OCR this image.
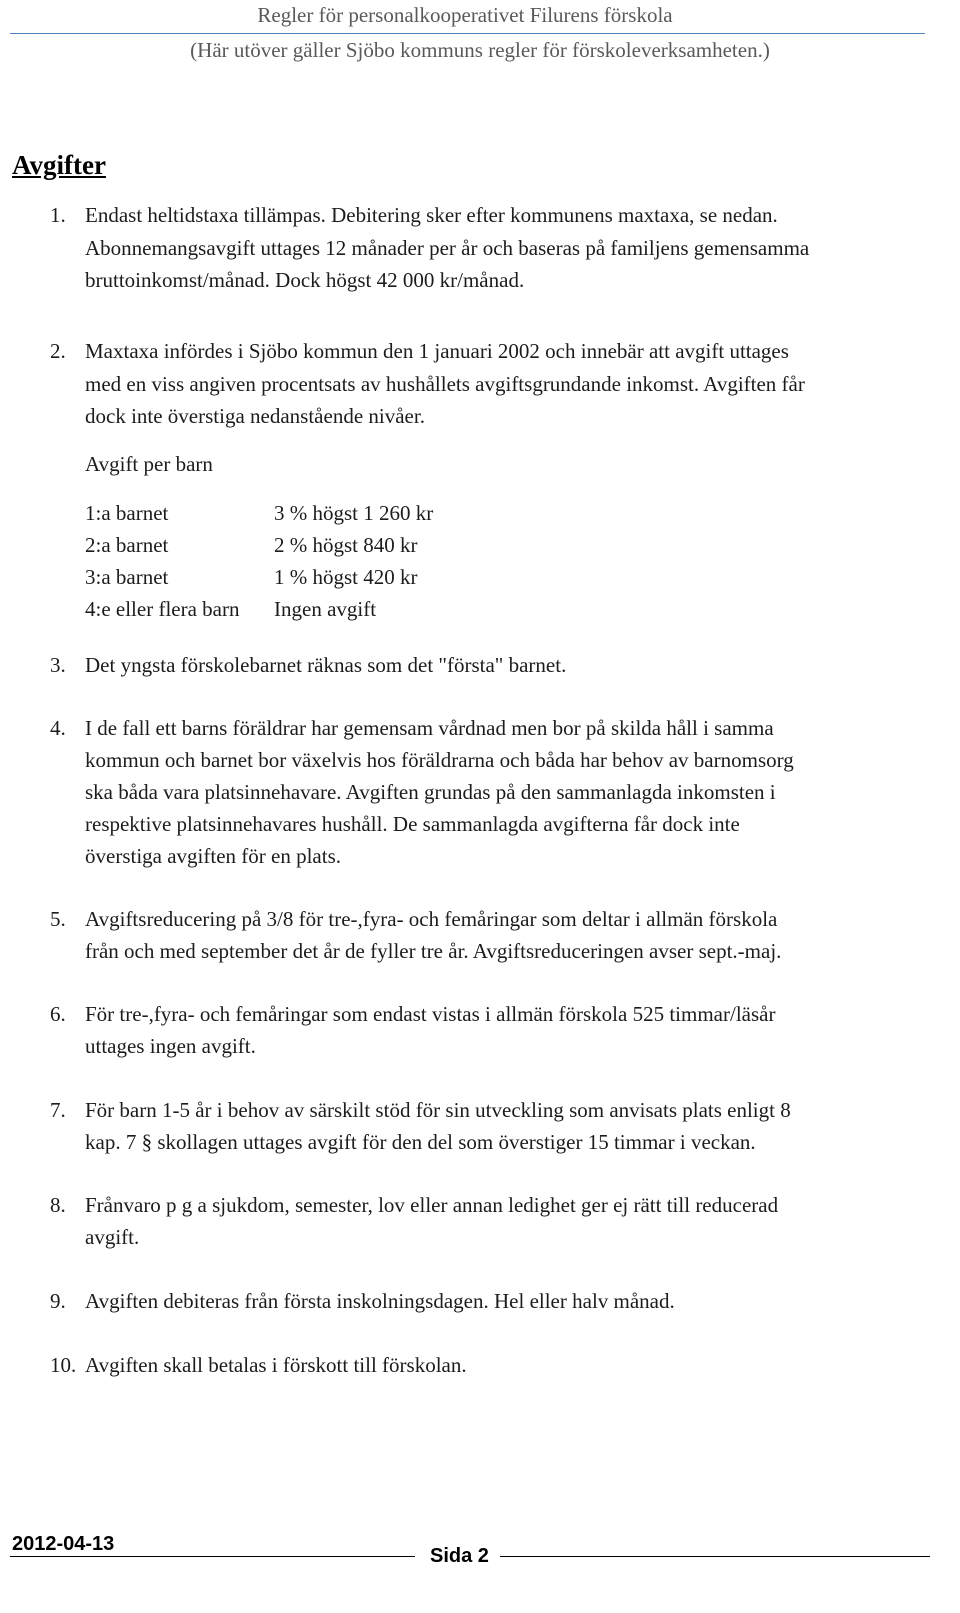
Regler för personalkooperativet Filurens förskola
(Här utöver gäller Sjöbo kommuns regler för förskoleverksamheten.)
Avgifter
1. Endast heltidstaxa tillämpas. Debitering sker efter kommunens maxtaxa, se nedan.
Abonnemangsavgift uttages 12 månader per år och baseras på familjens gemensamma
bruttoinkomst/månad. Dock högst 42 000 kr/månad.
2. Maxtaxa infördes i Sjöbo kommun den 1 januari 2002 och innebär att avgift uttages
med en viss angiven procentsats av hushållets avgiftsgrundande inkomst. Avgiften får
dock inte överstiga nedanstående nivåer.
Avgift per barn
1:a barnet	3 % högst 1 260 kr
2:a barnet	2 % högst 840 kr
3:a barnet	1 % högst 420 kr
4:e eller flera barn Ingen avgift
3. Det yngsta förskolebarnet räknas som det "första" barnet.
4. I de fall ett barns föräldrar har gemensam vårdnad men bor på skilda håll i samma
kommun och barnet bor växelvis hos föräldrarna och båda har behov av barnomsorg
ska båda vara platsinnehavare. Avgiften grundas på den sammanlagda inkomsten i
respektive platsinnehavares hushåll. De sammanlagda avgifterna får dock inte
överstiga avgiften för en plats.
5. Avgiftsreducering på 3/8 för tre-,fyra- och femåringar som deltar i allmän förskola
från och med september det år de fyller tre år. Avgiftsreduceringen avser sept.-maj.
6. För tre-,fyra- och femåringar som endast vistas i allmän förskola 525 timmar/läsår
uttages ingen avgift.
7. För barn 1-5 år i behov av särskilt stöd för sin utveckling som anvisats plats enligt 8
kap. 7 § skollagen uttages avgift för den del som överstiger 15 timmar i veckan.
8. Frånvaro p g a sjukdom, semester, lov eller annan ledighet ger ej rätt till reducerad
avgift.
9. Avgiften debiteras från första inskolningsdagen. Hel eller halv månad.
10. Avgiften skall betalas i förskott till förskolan.
2012-04-13
Sida 2
